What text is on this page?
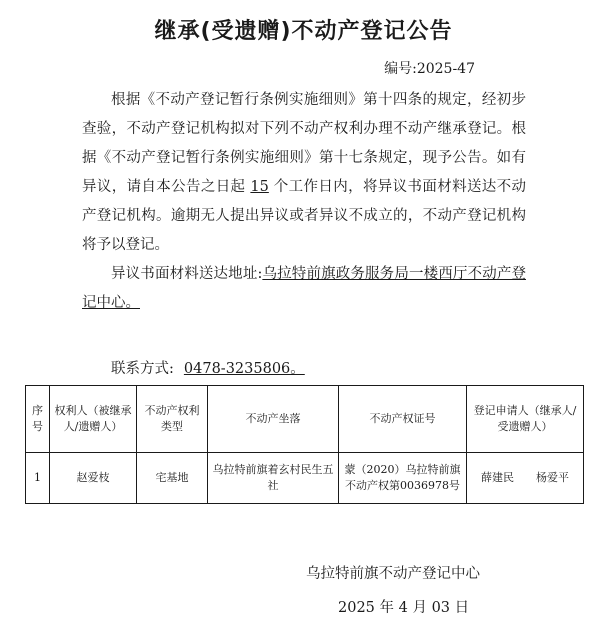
继承(受遗赠)不动产登记公告
编号:2025-47

根据《不动产登记暂行条例实施细则》第十四条的规定，经初步查验，不动产登记机构拟对下列不动产权利办理不动产继承登记。根据《不动产登记暂行条例实施细则》第十七条规定，现予公告。如有异议，请自本公告之日起 15 个工作日内，将异议书面材料送达不动产登记机构。逾期无人提出异议或者异议不成立的，不动产登记机构将予以登记。

异议书面材料送达地址:乌拉特前旗政务服务局一楼西厅不动产登记中心。

联系方式: 0478-3235806。
序号	权利人（被继承人/遗赠人）	不动产权利类型	不动产坐落	不动产权证号	登记申请人（继承人/受遗赠人）
1	赵爱枝	宅基地	乌拉特前旗着玄村民生五社	蒙（2020）乌拉特前旗不动产权第0036978号	薛建民　　杨爱平
乌拉特前旗不动产登记中心
2025 年 4 月 03 日
